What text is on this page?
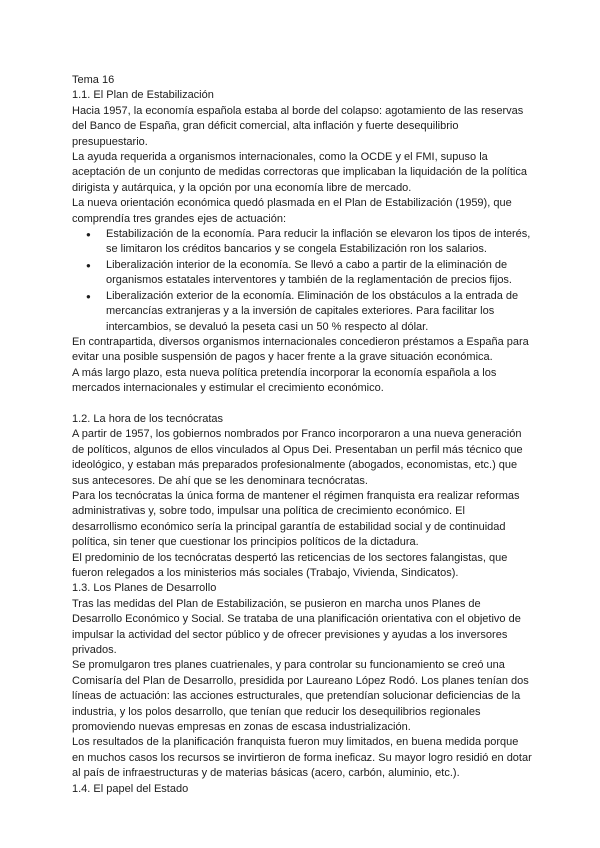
Tema 16

1.1. El Plan de Estabilización

Hacia 1957, la economía española estaba al borde del colapso: agotamiento de las reservas del Banco de España, gran déficit comercial, alta inflación y fuerte desequilibrio presupuestario.

La ayuda requerida a organismos internacionales, como la OCDE y el FMI, supuso la aceptación de un conjunto de medidas correctoras que implicaban la liquidación de la política dirigista y autárquica, y la opción por una economía libre de mercado.

La nueva orientación económica quedó plasmada en el Plan de Estabilización (1959), que comprendía tres grandes ejes de actuación:

● Estabilización de la economía. Para reducir la inflación se elevaron los tipos de interés, se limitaron los créditos bancarios y se congela Estabilización ron los salarios.
● Liberalización interior de la economía. Se llevó a cabo a partir de la eliminación de organismos estatales interventores y también de la reglamentación de precios fijos.
● Liberalización exterior de la economía. Eliminación de los obstáculos a la entrada de mercancías extranjeras y a la inversión de capitales exteriores. Para facilitar los intercambios, se devaluó la peseta casi un 50 % respecto al dólar.

En contrapartida, diversos organismos internacionales concedieron préstamos a España para evitar una posible suspensión de pagos y hacer frente a la grave situación económica.

A más largo plazo, esta nueva política pretendía incorporar la economía española a los mercados internacionales y estimular el crecimiento económico.

1.2. La hora de los tecnócratas

A partir de 1957, los gobiernos nombrados por Franco incorporaron a una nueva generación de políticos, algunos de ellos vinculados al Opus Dei. Presentaban un perfil más técnico que ideológico, y estaban más preparados profesionalmente (abogados, economistas, etc.) que sus antecesores. De ahí que se les denominara tecnócratas.

Para los tecnócratas la única forma de mantener el régimen franquista era realizar reformas administrativas y, sobre todo, impulsar una política de crecimiento económico. El desarrollismo económico sería la principal garantía de estabilidad social y de continuidad política, sin tener que cuestionar los principios políticos de la dictadura.

El predominio de los tecnócratas despertó las reticencias de los sectores falangistas, que fueron relegados a los ministerios más sociales (Trabajo, Vivienda, Sindicatos).

1.3. Los Planes de Desarrollo

Tras las medidas del Plan de Estabilización, se pusieron en marcha unos Planes de Desarrollo Económico y Social. Se trataba de una planificación orientativa con el objetivo de impulsar la actividad del sector público y de ofrecer previsiones y ayudas a los inversores privados.

Se promulgaron tres planes cuatrienales, y para controlar su funcionamiento se creó una Comisaría del Plan de Desarrollo, presidida por Laureano López Rodó. Los planes tenían dos líneas de actuación: las acciones estructurales, que pretendían solucionar deficiencias de la industria, y los polos desarrollo, que tenían que reducir los desequilibrios regionales promoviendo nuevas empresas en zonas de escasa industrialización.

Los resultados de la planificación franquista fueron muy limitados, en buena medida porque en muchos casos los recursos se invirtieron de forma ineficaz. Su mayor logro residió en dotar al país de infraestructuras y de materias básicas (acero, carbón, aluminio, etc.).

1.4. El papel del Estado
